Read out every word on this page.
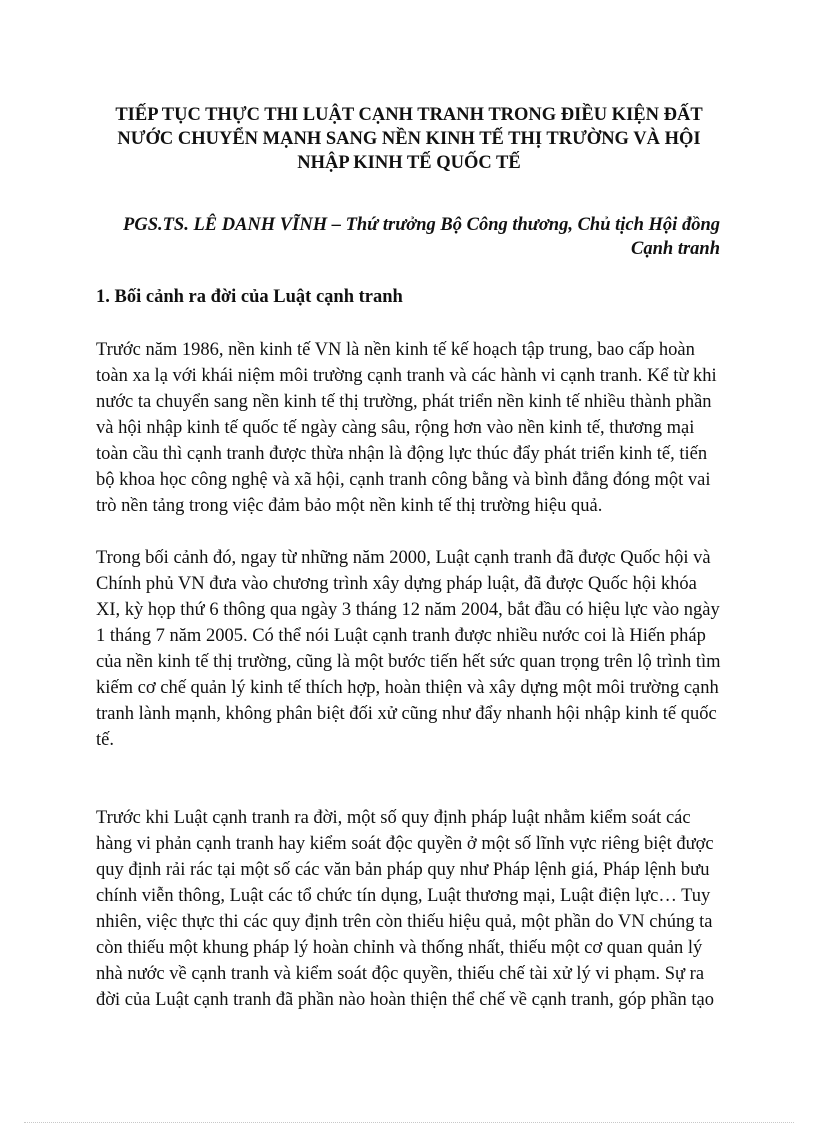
TIẾP TỤC THỰC THI LUẬT CẠNH TRANH TRONG ĐIỀU KIỆN ĐẤT NƯỚC CHUYỂN MẠNH SANG NỀN KINH TẾ THỊ TRƯỜNG VÀ HỘI NHẬP KINH TẾ QUỐC TẾ

PGS.TS. LÊ DANH VĨNH – Thứ trưởng Bộ Công thương, Chủ tịch Hội đồng Cạnh tranh

1. Bối cảnh ra đời của Luật cạnh tranh

Trước năm 1986, nền kinh tế VN là nền kinh tế kế hoạch tập trung, bao cấp hoàn toàn xa lạ với khái niệm môi trường cạnh tranh và các hành vi cạnh tranh. Kể từ khi nước ta chuyển sang nền kinh tế thị trường, phát triển nền kinh tế nhiều thành phần và hội nhập kinh tế quốc tế ngày càng sâu, rộng hơn vào nền kinh tế, thương mại toàn cầu thì cạnh tranh được thừa nhận là động lực thúc đẩy phát triển kinh tế, tiến bộ khoa học công nghệ và xã hội, cạnh tranh công bằng và bình đẳng đóng một vai trò nền tảng trong việc đảm bảo một nền kinh tế thị trường hiệu quả.

Trong bối cảnh đó, ngay từ những năm 2000, Luật cạnh tranh đã được Quốc hội và Chính phủ VN đưa vào chương trình xây dựng pháp luật, đã được Quốc hội khóa XI, kỳ họp thứ 6 thông qua ngày 3 tháng 12 năm 2004, bắt đầu có hiệu lực vào ngày 1 tháng 7 năm 2005. Có thể nói Luật cạnh tranh được nhiều nước coi là Hiến pháp của nền kinh tế thị trường, cũng là một bước tiến hết sức quan trọng trên lộ trình tìm kiếm cơ chế quản lý kinh tế thích hợp, hoàn thiện và xây dựng một môi trường cạnh tranh lành mạnh, không phân biệt đối xử cũng như đẩy nhanh hội nhập kinh tế quốc tế.

Trước khi Luật cạnh tranh ra đời, một số quy định pháp luật nhằm kiểm soát các hàng vi phản cạnh tranh hay kiểm soát độc quyền ở một số lĩnh vực riêng biệt được quy định rải rác tại một số các văn bản pháp quy như Pháp lệnh giá, Pháp lệnh bưu chính viễn thông, Luật các tổ chức tín dụng, Luật thương mại, Luật điện lực… Tuy nhiên, việc thực thi các quy định trên còn thiếu hiệu quả, một phần do VN chúng ta còn thiếu một khung pháp lý hoàn chỉnh và thống nhất, thiếu một cơ quan quản lý nhà nước về cạnh tranh và kiểm soát độc quyền, thiếu chế tài xử lý vi phạm. Sự ra đời của Luật cạnh tranh đã phần nào hoàn thiện thể chế về cạnh tranh, góp phần tạo
